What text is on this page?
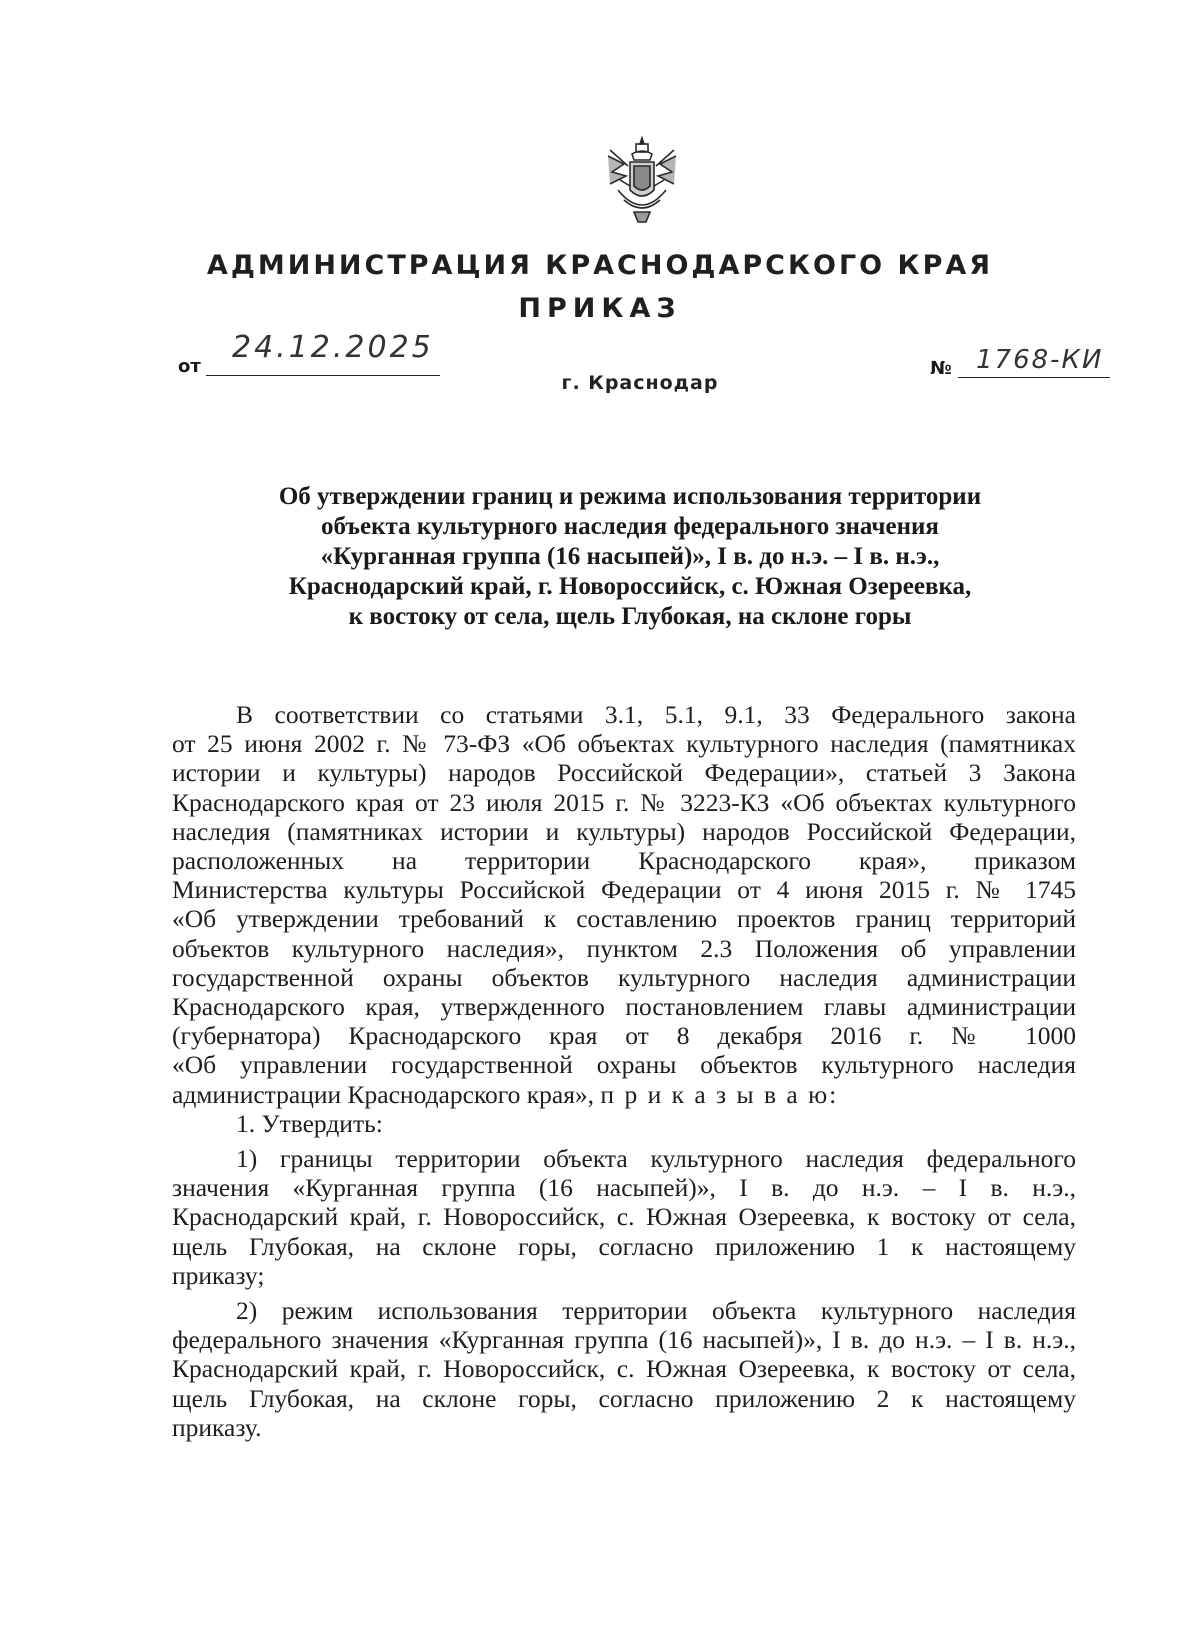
АДМИНИСТРАЦИЯ КРАСНОДАРСКОГО КРАЯ
ПРИКАЗ
от
24.12.2025
г. Краснодар
№ 1768-КИ
Об утверждении границ и режима использования территории
объекта культурного наследия федерального значения
«Курганная группа (16 насыпей)», I в. до н.э. – I в. н.э.,
Краснодарский край, г. Новороссийск, с. Южная Озереевка,
к востоку от села, щель Глубокая, на склоне горы
В соответствии со статьями 3.1, 5.1, 9.1, 33 Федерального закона
от 25 июня 2002 г. № 73-ФЗ «Об объектах культурного наследия (памятниках
истории и культуры) народов Российской Федерации», статьей 3 Закона
Краснодарского края от 23 июля 2015 г. № 3223-КЗ «Об объектах культурного
наследия (памятниках истории и культуры) народов Российской Федерации,
расположенных на территории Краснодарского края», приказом
Министерства культуры Российской Федерации от 4 июня 2015 г. № 1745
«Об утверждении требований к составлению проектов границ территорий
объектов культурного наследия», пунктом 2.3 Положения об управлении
государственной охраны объектов культурного наследия администрации
Краснодарского края, утвержденного постановлением главы администрации
(губернатора) Краснодарского края от 8 декабря 2016 г. № 1000
«Об управлении государственной охраны объектов культурного наследия
администрации Краснодарского края», п р и к а з ы в а ю:
1. Утвердить:
1) границы территории объекта культурного наследия федерального
значения «Курганная группа (16 насыпей)», I в. до н.э. – I в. н.э.,
Краснодарский край, г. Новороссийск, с. Южная Озереевка, к востоку от села,
щель Глубокая, на склоне горы, согласно приложению 1 к настоящему
приказу;
2) режим использования территории объекта культурного наследия
федерального значения «Курганная группа (16 насыпей)», I в. до н.э. – I в. н.э.,
Краснодарский край, г. Новороссийск, с. Южная Озереевка, к востоку от села,
щель Глубокая, на склоне горы, согласно приложению 2 к настоящему
приказу.
